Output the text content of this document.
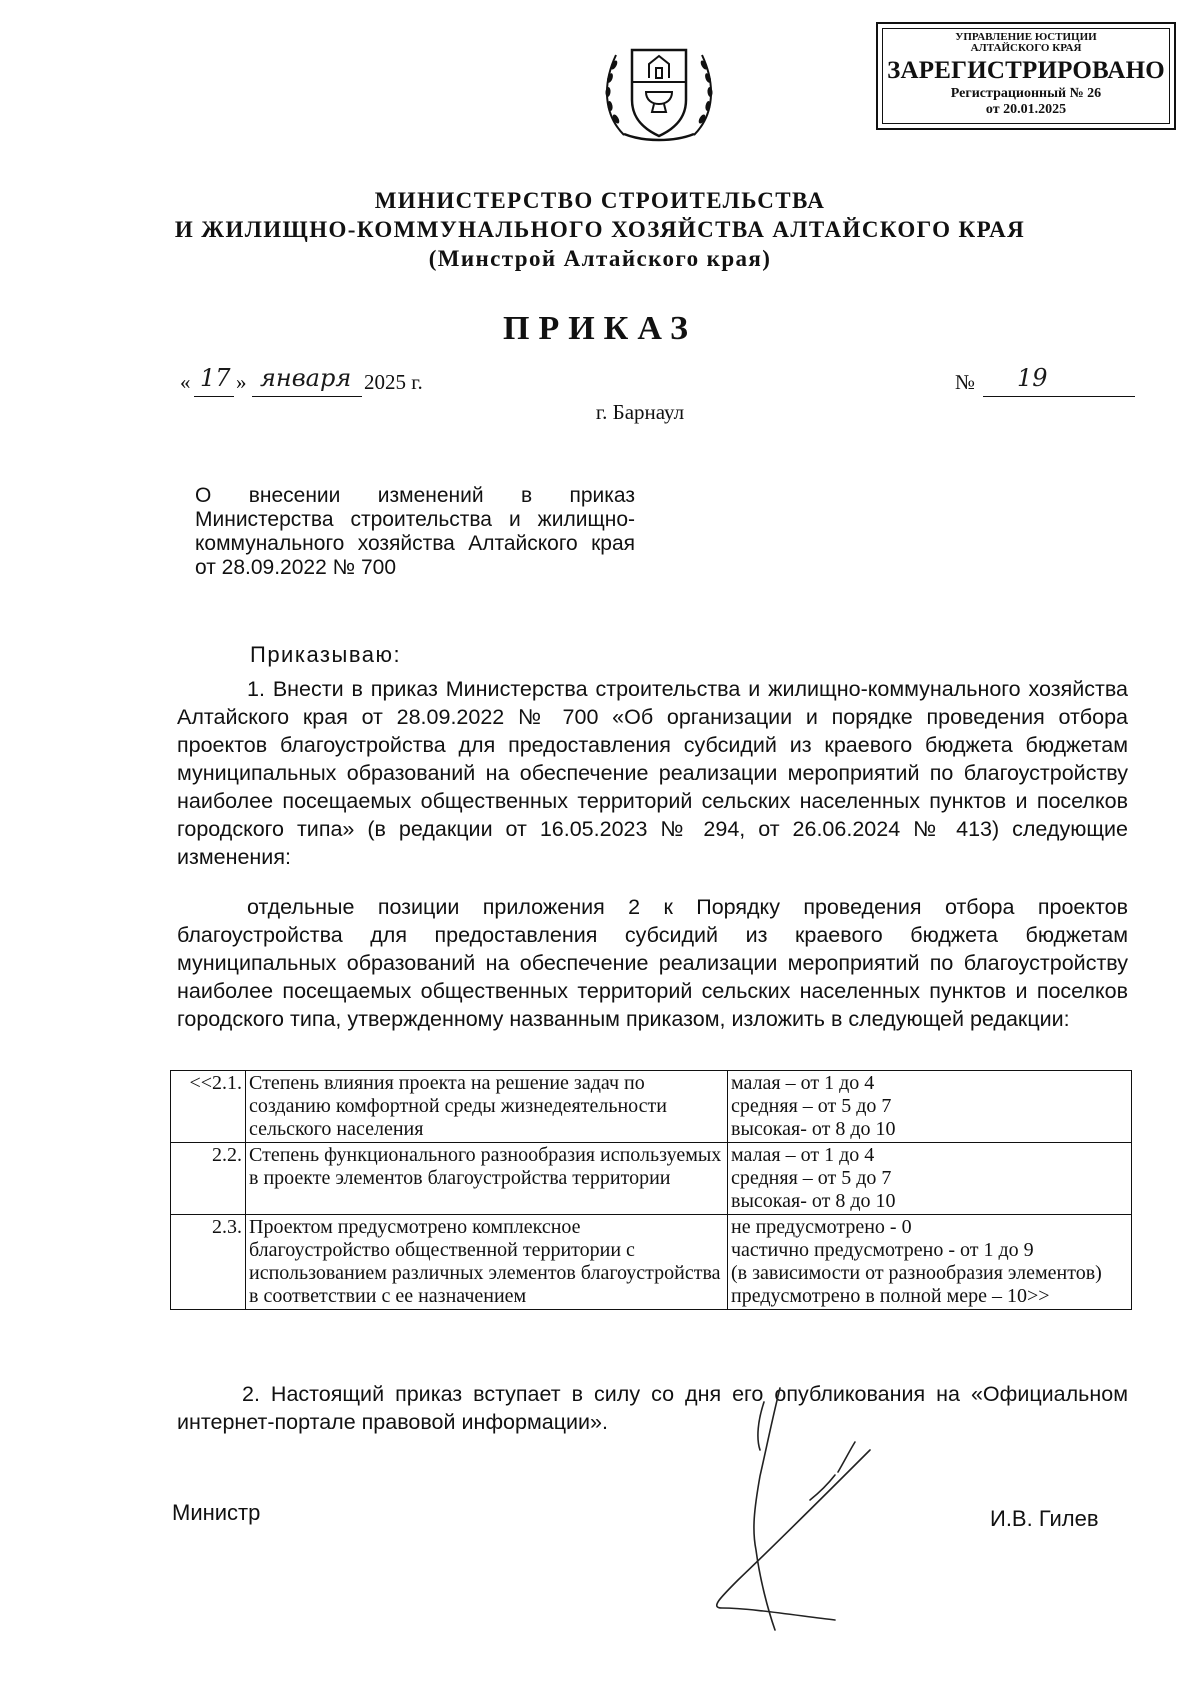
УПРАВЛЕНИЕ ЮСТИЦИИ
АЛТАЙСКОГО КРАЯ
ЗАРЕГИСТРИРОВАНО
Регистрационный № 26
от 20.01.2025
МИНИСТЕРСТВО СТРОИТЕЛЬСТВА
И ЖИЛИЩНО-КОММУНАЛЬНОГО ХОЗЯЙСТВА АЛТАЙСКОГО КРАЯ
(Минстрой Алтайского края)
ПРИКАЗ
« 17 » января 2025 г.	№ 19
г. Барнаул
О внесении изменений в приказ Министерства строительства и жилищно-коммунального хозяйства Алтайского края от 28.09.2022 № 700
Приказываю:
1. Внести в приказ Министерства строительства и жилищно-коммунального хозяйства Алтайского края от 28.09.2022 № 700 «Об организации и порядке проведения отбора проектов благоустройства для предоставления субсидий из краевого бюджета бюджетам муниципальных образований на обеспечение реализации мероприятий по благоустройству наиболее посещаемых общественных территорий сельских населенных пунктов и поселков городского типа» (в редакции от 16.05.2023 № 294, от 26.06.2024 № 413) следующие изменения:
отдельные позиции приложения 2 к Порядку проведения отбора проектов благоустройства для предоставления субсидий из краевого бюджета бюджетам муниципальных образований на обеспечение реализации мероприятий по благоустройству наиболее посещаемых общественных территорий сельских населенных пунктов и поселков городского типа, утвержденному названным приказом, изложить в следующей редакции:
<<2.1.	Степень влияния проекта на решение задач по созданию комфортной среды жизнедеятельности сельского населения	малая – от 1 до 4
средняя – от 5 до 7
высокая- от 8 до 10

2.2.	Степень функционального разнообразия используемых в проекте элементов благоустройства территории	малая – от 1 до 4
средняя – от 5 до 7
высокая- от 8 до 10

2.3.	Проектом предусмотрено комплексное благоустройство общественной территории с использованием различных элементов благоустройства в соответствии с ее назначением	не предусмотрено - 0
частично предусмотрено - от 1 до 9
(в зависимости от разнообразия элементов)
предусмотрено в полной мере – 10>>
2. Настоящий приказ вступает в силу со дня его опубликования на «Официальном интернет-портале правовой информации».
Министр	И.В. Гилев
